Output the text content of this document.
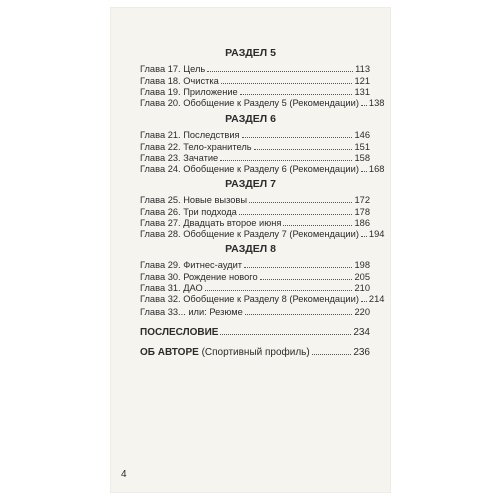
РАЗДЕЛ 5
Глава 17. Цель	113
Глава 18. Очистка	121
Глава 19. Приложение	131
Глава 20. Обобщение к Разделу 5 (Рекомендации) 138
РАЗДЕЛ 6
Глава 21. Последствия	146
Глава 22. Тело-хранитель	151
Глава 23. Зачатие	158
Глава 24. Обобщение к Разделу 6 (Рекомендации) 168
РАЗДЕЛ 7
Глава 25. Новые вызовы	172
Глава 26. Три подхода	178
Глава 27. Двадцать второе июня	186
Глава 28. Обобщение к Разделу 7 (Рекомендации) 194
РАЗДЕЛ 8
Глава 29. Фитнес-аудит	198
Глава 30. Рождение нового	205
Глава 31. ДАО	210
Глава 32. Обобщение к Разделу 8 (Рекомендации) 214
Глава 33... или: Резюме	220
ПОСЛЕСЛОВИЕ	234
ОБ АВТОРЕ (Спортивный профиль)	236
4
